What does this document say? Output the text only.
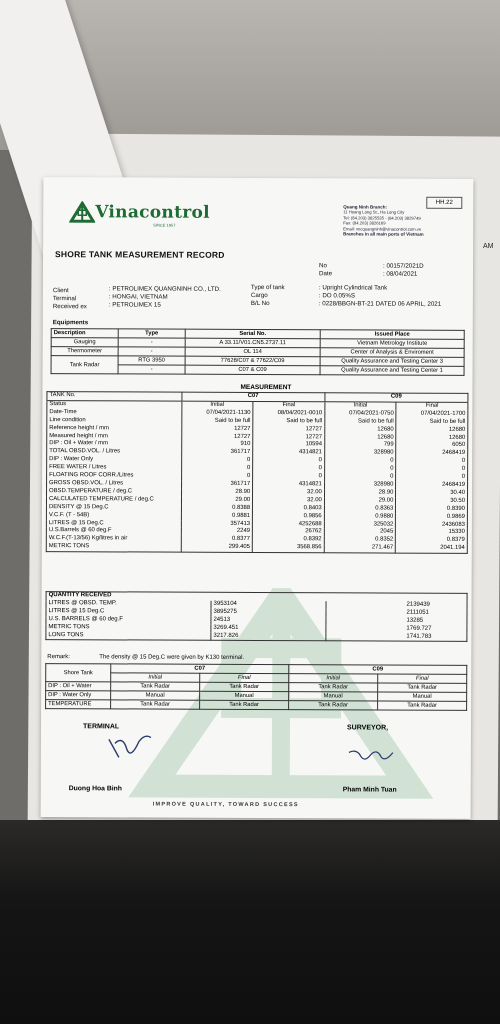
AM
Vinacontrol
SINCE 1957
HH.22
Quang Ninh Branch:
11 Hoang Long St., Ha Long City
Tel: (84.203) 3825535 - (84.203) 3829749
Fax: (84.203) 3826169
Email: vncquangninh@vinacontrol.com.vn
Branches in all main ports of Vietnam
SHORE TANK MEASUREMENT RECORD
No
Date
: 00157/2021D
: 08/04/2021
Client
Terminal
Received ex
: PETROLIMEX QUANGNINH CO., LTD.
: HONGAI, VIETNAM
: PETROLIMEX 15
Type of tank
Cargo
B/L No
: Upright Cylindrical Tank
: DO 0.05%S
: 0228/BBGN-BT-21 DATED 06 APRIL, 2021
Equipments
Description	Type	Serial No.	Issued Place
Gauging	-	A 33.11/V01.CN5.2737.11	Vietnam Metrology Institute
Thermometer	-	OL 114	Center of Analysis & Enviroment
Tank Radar	RTG 3950	77628/C07 & 77622/C09	Quality Assurance and Testing Center 3
	-	C07 & C09	Quality Assurance and Testing Center 1
MEASUREMENT
TANK No.	C07		C09	
Status	Initial	Final	Initial	Final
Date-Time	07/04/2021-1130	08/04/2021-0010	07/04/2021-0750	07/04/2021-1700
Line condition	Said to be full	Said to be full	Said to be full	Said to be full
Reference height / mm	12727	12727	12680	12680
Measured height / mm	12727	12727	12680	12680
DIP : Oil + Water / mm	910	10594	799	6050
TOTAL OBSD.VOL. / Litres	361717	4314821	328980	2468419
DIP : Water Only	0	0	0	0
FREE WATER / Litres	0	0	0	0
FLOATING ROOF CORR./Litres	0	0	0	0
GROSS OBSD.VOL. / Litres	361717	4314821	328980	2468419
OBSD.TEMPERATURE / deg.C	28.90	32.00	28.90	30.40
CALCULATED TEMPERATURE / deg.C	29.00	32.00	29.00	30.50
DENSITY @ 15 Deg.C	0.8388	0.8403	0.8363	0.8390
V.C.F. (T - 54B)	0.9881	0.9856	0.9880	0.9869
LITRES @ 15 Deg.C	357413	4252688	325032	2436083
U.S.Barrels @ 60 deg.F	2249	26762	2045	15330
W.C.F.(T-13/56) Kg/litres in air	0.8377	0.8392	0.8352	0.8379
METRIC TONS	299.405	3568.856	271.467	2041.194
QUANTITY RECEIVED		
LITRES @ OBSD. TEMP.	3953104	2139439
LITRES @ 15 Deg.C	3895275	2111051
U.S. BARRELS @ 60 deg.F	24513	13285
METRIC TONS	3269.451	1769.727
LONG TONS	3217.826	1741.783
Remark:	The density @ 15 Deg.C were given by K130 terminal.
Shore Tank	C07		C09	
	Initial	Final	Initial	Final
DIP : Oil + Water	Tank Radar	Tank Radar	Tank Radar	Tank Radar
DIP : Water Only	Manual	Manual	Manual	Manual
TEMPERATURE	Tank Radar	Tank Radar	Tank Radar	Tank Radar
TERMINAL	SURVEYOR,
Duong Hoa Binh	Pham Minh Tuan
IMPROVE QUALITY, TOWARD SUCCESS
